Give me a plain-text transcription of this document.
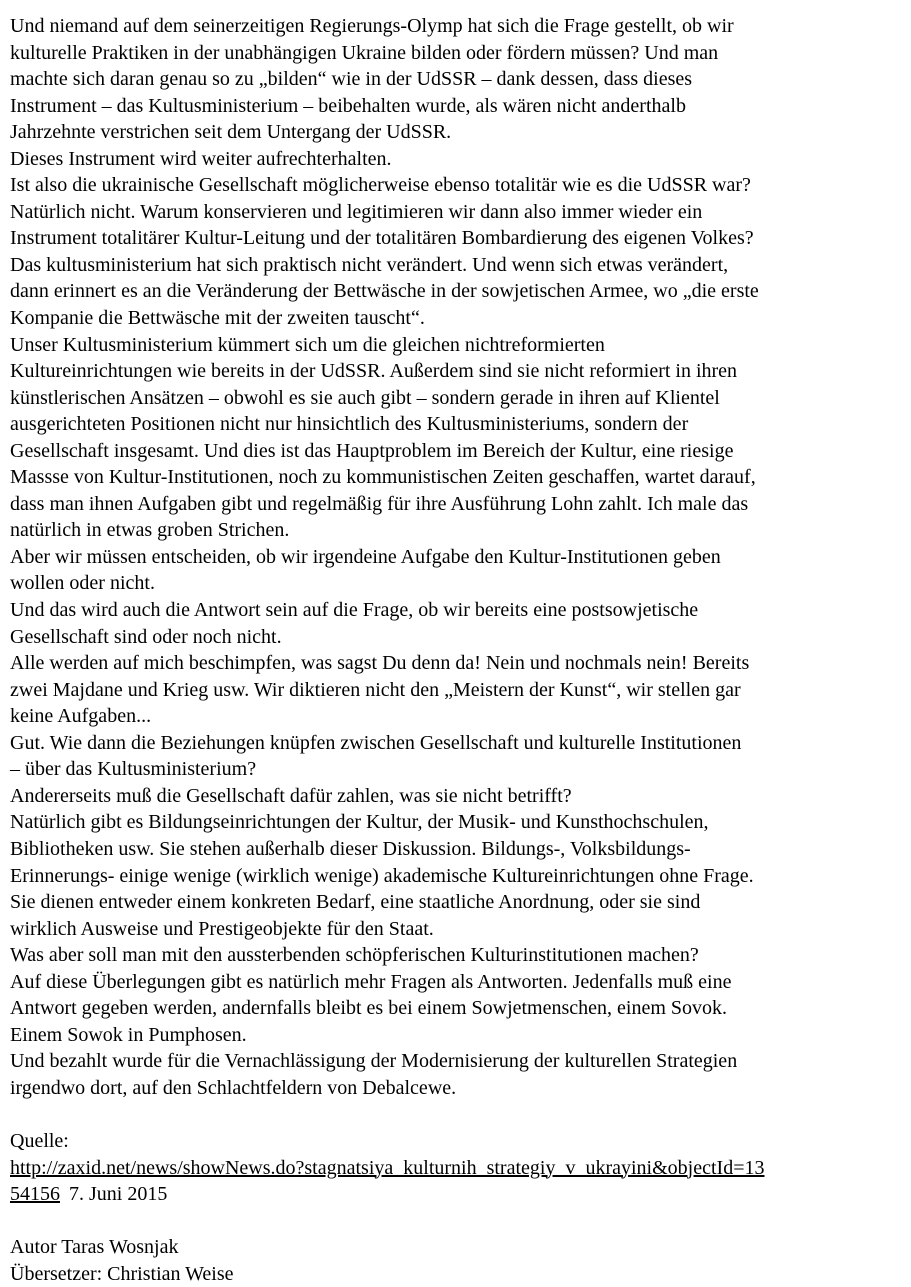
Und niemand auf dem seinerzeitigen Regierungs-Olymp hat sich die Frage gestellt, ob wir
kulturelle Praktiken in der unabhängigen Ukraine bilden oder fördern müssen? Und man
machte sich daran genau so zu „bilden“ wie in der UdSSR – dank dessen, dass dieses
Instrument – das Kultusministerium – beibehalten wurde, als wären nicht anderthalb
Jahrzehnte verstrichen seit dem Untergang der UdSSR.
Dieses Instrument wird weiter aufrechterhalten.
Ist also die ukrainische Gesellschaft möglicherweise ebenso totalitär wie es die UdSSR war?
Natürlich nicht. Warum konservieren und legitimieren wir dann also immer wieder ein
Instrument totalitärer Kultur-Leitung und der totalitären Bombardierung des eigenen Volkes?
Das kultusministerium hat sich praktisch nicht verändert. Und wenn sich etwas verändert,
dann erinnert es an die Veränderung der Bettwäsche in der sowjetischen Armee, wo „die erste
Kompanie die Bettwäsche mit der zweiten tauscht“.
Unser Kultusministerium kümmert sich um die gleichen nichtreformierten
Kultureinrichtungen wie bereits in der UdSSR. Außerdem sind sie nicht reformiert in ihren
künstlerischen Ansätzen – obwohl es sie auch gibt – sondern gerade in ihren auf Klientel
ausgerichteten Positionen nicht nur hinsichtlich des Kultusministeriums, sondern der
Gesellschaft insgesamt. Und dies ist das Hauptproblem im Bereich der Kultur, eine riesige
Massse von Kultur-Institutionen, noch zu kommunistischen Zeiten geschaffen, wartet darauf,
dass man ihnen Aufgaben gibt und regelmäßig für ihre Ausführung Lohn zahlt. Ich male das
natürlich in etwas groben Strichen.
Aber wir müssen entscheiden, ob wir irgendeine Aufgabe den Kultur-Institutionen geben
wollen oder nicht.
Und das wird auch die Antwort sein auf die Frage, ob wir bereits eine postsowjetische
Gesellschaft sind oder noch nicht.
Alle werden auf mich beschimpfen, was sagst Du denn da! Nein und nochmals nein! Bereits
zwei Majdane und Krieg usw. Wir diktieren nicht den „Meistern der Kunst“, wir stellen gar
keine Aufgaben...
Gut. Wie dann die Beziehungen knüpfen zwischen Gesellschaft und kulturelle Institutionen
– über das Kultusministerium?
Andererseits muß die Gesellschaft dafür zahlen, was sie nicht betrifft?
Natürlich gibt es Bildungseinrichtungen der Kultur, der Musik- und Kunsthochschulen,
Bibliotheken usw. Sie stehen außerhalb dieser Diskussion. Bildungs-, Volksbildungs-
Erinnerungs- einige wenige (wirklich wenige) akademische Kultureinrichtungen ohne Frage.
Sie dienen entweder einem konkreten Bedarf, eine staatliche Anordnung, oder sie sind
wirklich Ausweise und Prestigeobjekte für den Staat.
Was aber soll man mit den aussterbenden schöpferischen Kulturinstitutionen machen?
Auf diese Überlegungen gibt es natürlich mehr Fragen als Antworten. Jedenfalls muß eine
Antwort gegeben werden, andernfalls bleibt es bei einem Sowjetmenschen, einem Sovok.
Einem Sowok in Pumphosen.
Und bezahlt wurde für die Vernachlässigung der Modernisierung der kulturellen Strategien
irgendwo dort, auf den Schlachtfeldern von Debalcewe.
Quelle:
http://zaxid.net/news/showNews.do?stagnatsiya_kulturnih_strategiy_v_ukrayini&objectId=13
54156 7. Juni 2015
Autor Taras Wosnjak
Übersetzer: Christian Weise
